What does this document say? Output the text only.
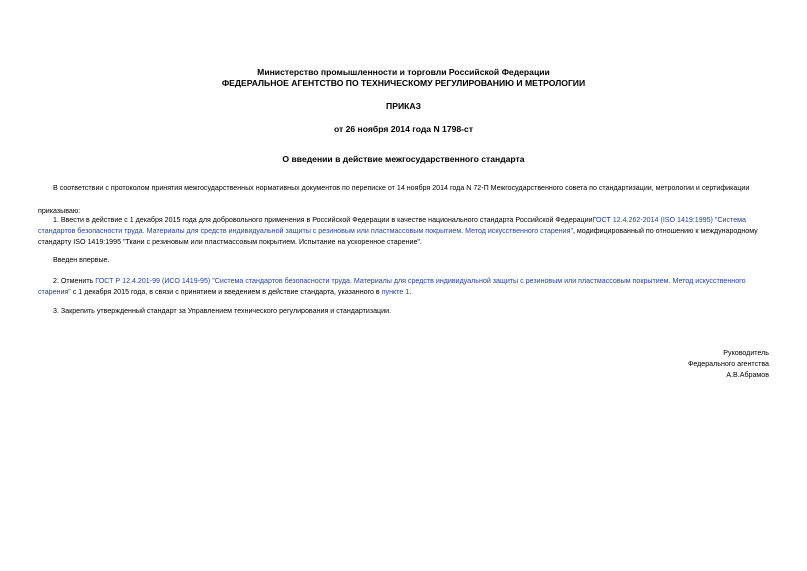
Министерство промышленности и торговли Российской Федерации
ФЕДЕРАЛЬНОЕ АГЕНТСТВО ПО ТЕХНИЧЕСКОМУ РЕГУЛИРОВАНИЮ И МЕТРОЛОГИИ
ПРИКАЗ
от 26 ноября 2014 года N 1798-ст
О введении в действие межгосударственного стандарта
В соответствии с протоколом принятия межгосударственных нормативных документов по переписке от 14 ноября 2014 года N 72-П Межгосударственного совета по стандартизации, метрологии и сертификации
приказываю:
1. Ввести в действие с 1 декабря 2015 года для добровольного применения в Российской Федерации в качестве национального стандарта Российской ФедерацииГОСТ 12.4.262-2014 (ISO 1419:1995) "Система стандартов безопасности труда. Материалы для средств индивидуальной защиты с резиновым или пластмассовым покрытием. Метод искусственного старения", модифицированный по отношению к международному стандарту ISO 1419:1995 "Ткани с резиновым или пластмассовым покрытием. Испытание на ускоренное старение".
Введен впервые.
2. Отменить ГОСТ Р 12.4.201-99 (ИСО 1419-95) "Система стандартов безопасности труда. Материалы для средств индивидуальной защиты с резиновым или пластмассовым покрытием. Метод искусственного старения" с 1 декабря 2015 года, в связи с принятием и введением в действие стандарта, указанного в пункте 1.
3. Закрепить утвержденный стандарт за Управлением технического регулирования и стандартизации.
Руководитель
Федерального агентства
А.В.Абрамов
